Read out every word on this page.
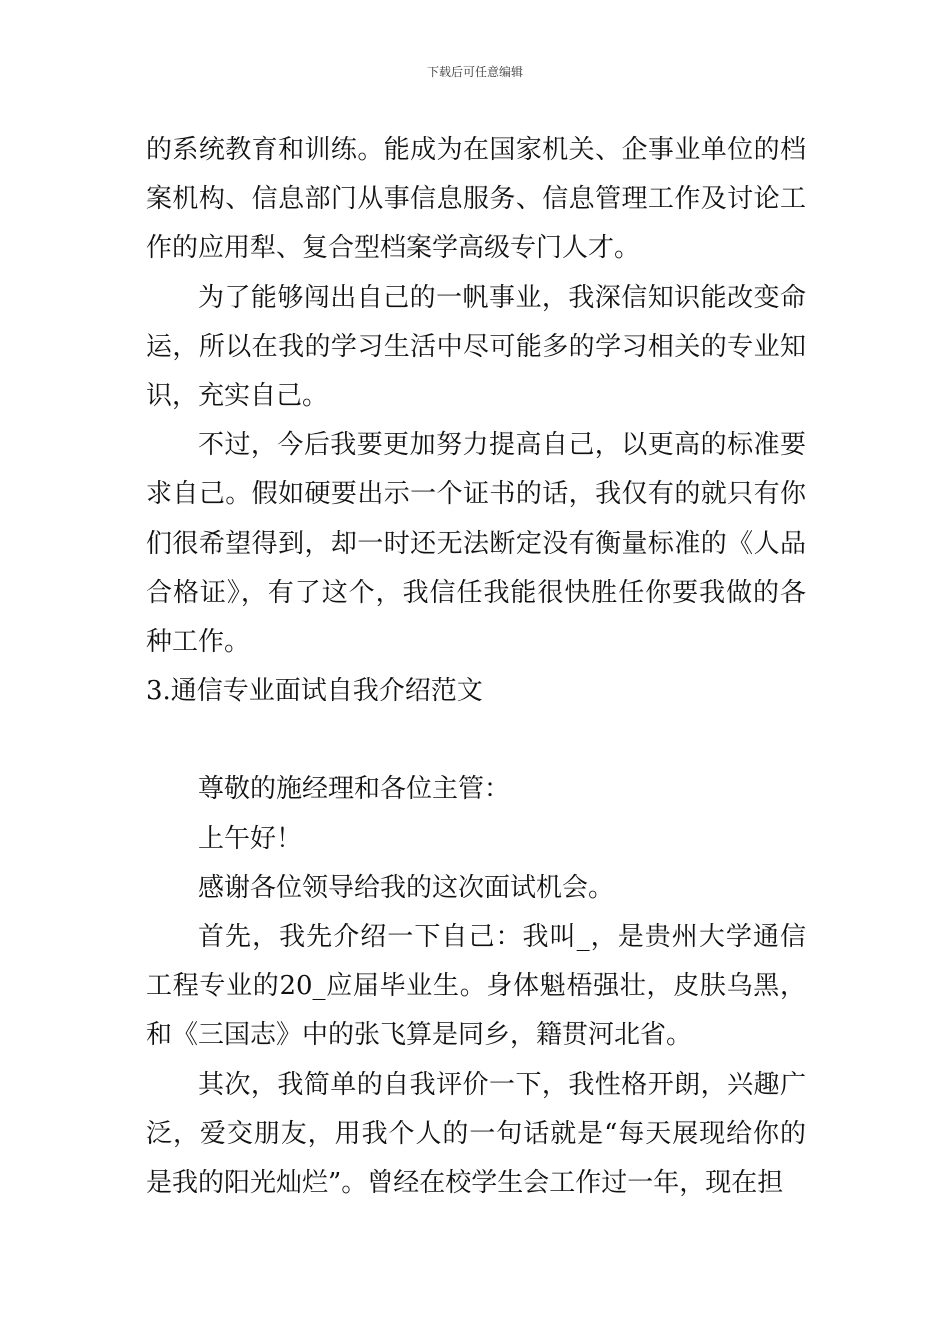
下载后可任意编辑

的系统教育和训练。能成为在国家机关、企事业单位的档案机构、信息部门从事信息服务、信息管理工作及讨论工作的应用犁、复合型档案学高级专门人才。

为了能够闯出自己的一帆事业，我深信知识能改变命运，所以在我的学习生活中尽可能多的学习相关的专业知识，充实自己。

不过，今后我要更加努力提高自己，以更高的标准要求自己。假如硬要出示一个证书的话，我仅有的就只有你们很希望得到，却一时还无法断定没有衡量标准的《人品合格证》，有了这个，我信任我能很快胜任你要我做的各种工作。

3.通信专业面试自我介绍范文

尊敬的施经理和各位主管：

上午好！

感谢各位领导给我的这次面试机会。

首先，我先介绍一下自己：我叫_，是贵州大学通信工程专业的20_应届毕业生。身体魁梧强壮，皮肤乌黑，和《三国志》中的张飞算是同乡，籍贯河北省。

其次，我简单的自我评价一下，我性格开朗，兴趣广泛，爱交朋友，用我个人的一句话就是“每天展现给你的是我的阳光灿烂”。曾经在校学生会工作过一年，现在担
